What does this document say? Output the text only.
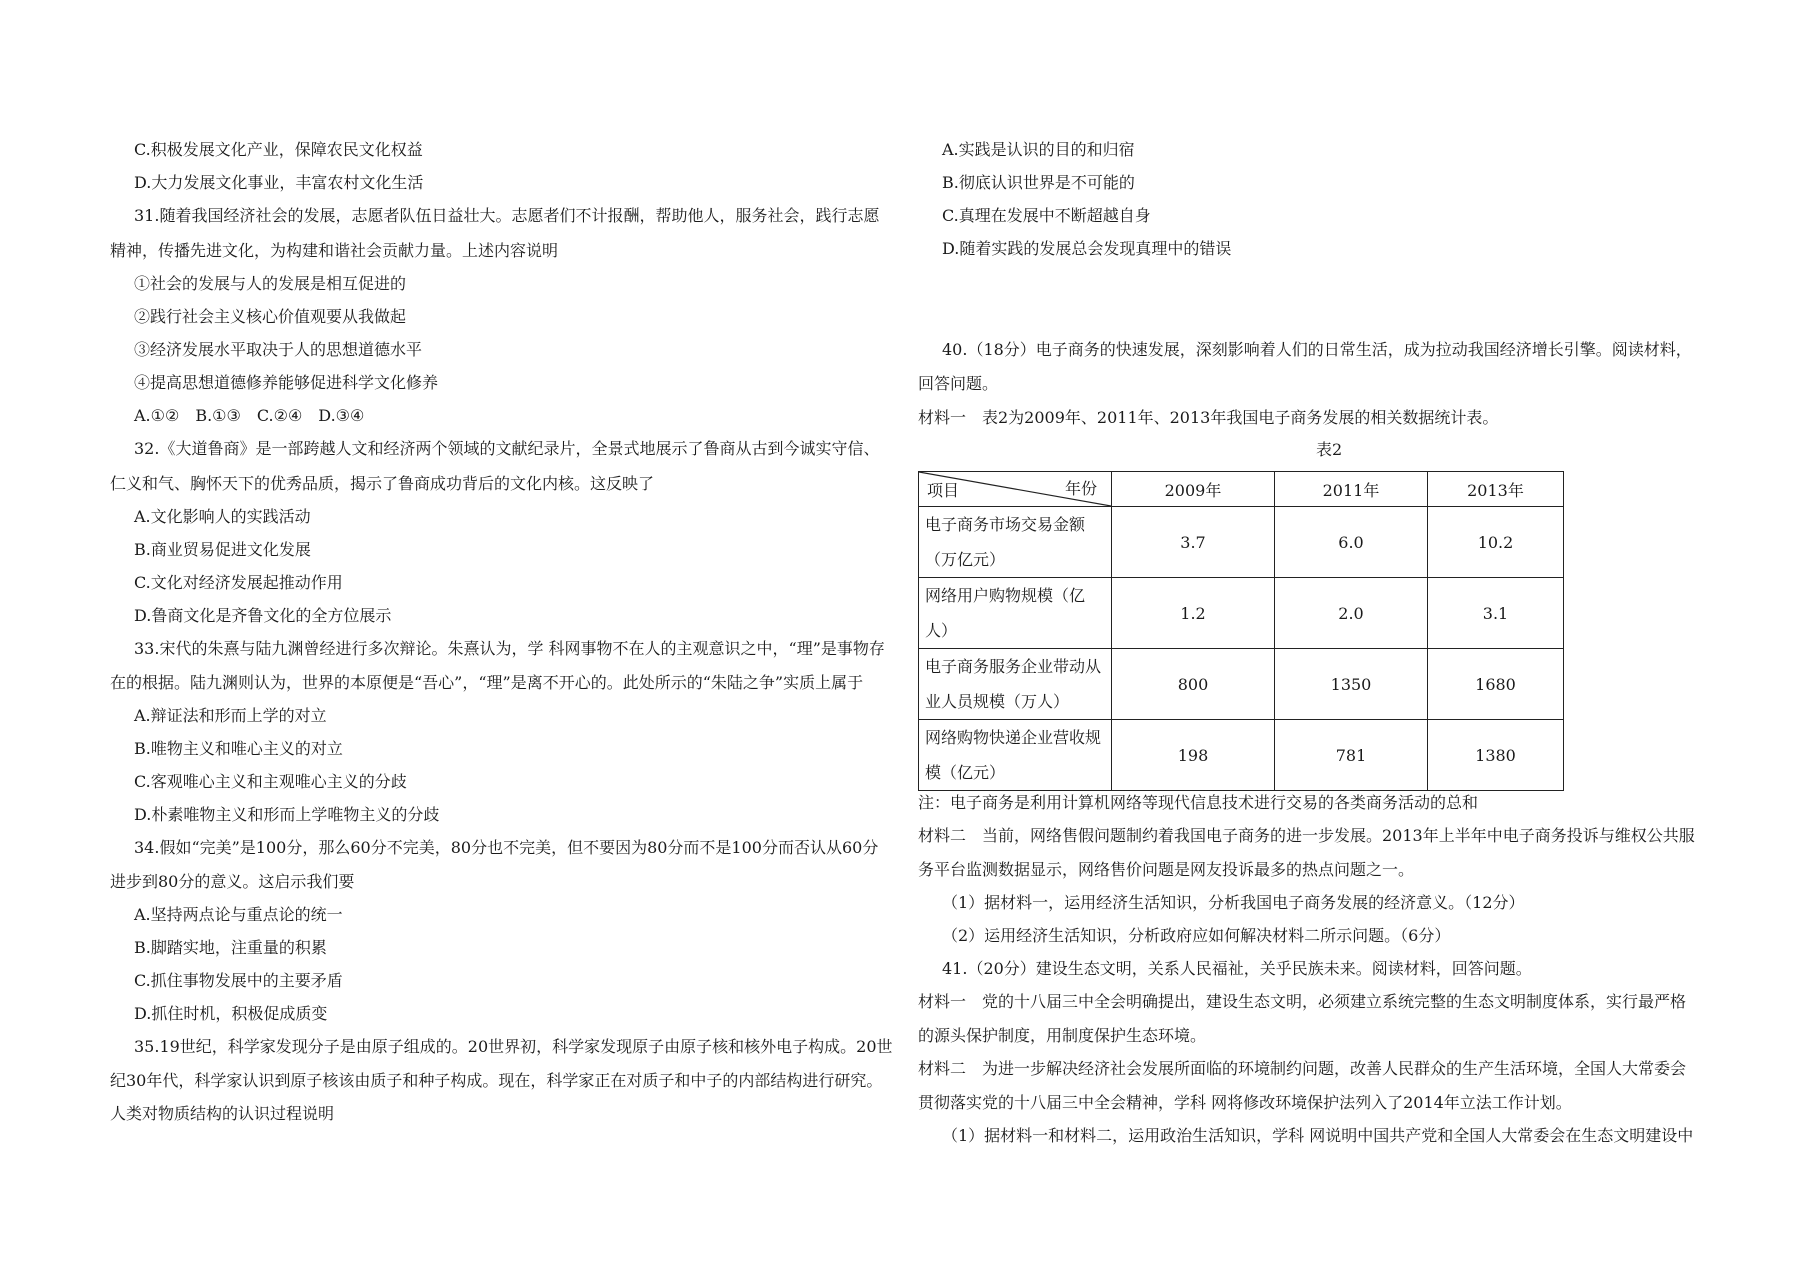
C.积极发展文化产业，保障农民文化权益
D.大力发展文化事业，丰富农村文化生活
31.随着我国经济社会的发展，志愿者队伍日益壮大。志愿者们不计报酬，帮助他人，服务社会，践行志愿
精神，传播先进文化，为构建和谐社会贡献力量。上述内容说明
①社会的发展与人的发展是相互促进的
②践行社会主义核心价值观要从我做起
③经济发展水平取决于人的思想道德水平
④提高思想道德修养能够促进科学文化修养
A.①②　B.①③　C.②④　D.③④
32.《大道鲁商》是一部跨越人文和经济两个领域的文献纪录片，全景式地展示了鲁商从古到今诚实守信、
仁义和气、胸怀天下的优秀品质，揭示了鲁商成功背后的文化内核。这反映了
A.文化影响人的实践活动
B.商业贸易促进文化发展
C.文化对经济发展起推动作用
D.鲁商文化是齐鲁文化的全方位展示
33.宋代的朱熹与陆九渊曾经进行多次辩论。朱熹认为，学 科网事物不在人的主观意识之中，“理”是事物存
在的根据。陆九渊则认为，世界的本原便是“吾心”，“理”是离不开心的。此处所示的“朱陆之争”实质上属于
A.辩证法和形而上学的对立
B.唯物主义和唯心主义的对立
C.客观唯心主义和主观唯心主义的分歧
D.朴素唯物主义和形而上学唯物主义的分歧
34.假如“完美”是100分，那么60分不完美，80分也不完美，但不要因为80分而不是100分而否认从60分
进步到80分的意义。这启示我们要
A.坚持两点论与重点论的统一
B.脚踏实地，注重量的积累
C.抓住事物发展中的主要矛盾
D.抓住时机，积极促成质变
35.19世纪，科学家发现分子是由原子组成的。20世界初，科学家发现原子由原子核和核外电子构成。20世
纪30年代，科学家认识到原子核该由质子和种子构成。现在，科学家正在对质子和中子的内部结构进行研究。
人类对物质结构的认识过程说明
A.实践是认识的目的和归宿
B.彻底认识世界是不可能的
C.真理在发展中不断超越自身
D.随着实践的发展总会发现真理中的错误
40.（18分）电子商务的快速发展，深刻影响着人们的日常生活，成为拉动我国经济增长引擎。阅读材料，
回答问题。
材料一　表2为2009年、2011年、2013年我国电子商务发展的相关数据统计表。
表2
项目 年份	2009年	2011年	2013年
电子商务市场交易金额（万亿元）	3.7	6.0	10.2
网络用户购物规模（亿人）	1.2	2.0	3.1
电子商务服务企业带动从业人员规模（万人）	800	1350	1680
网络购物快递企业营收规模（亿元）	198	781	1380
注：电子商务是利用计算机网络等现代信息技术进行交易的各类商务活动的总和
材料二　当前，网络售假问题制约着我国电子商务的进一步发展。2013年上半年中电子商务投诉与维权公共服
务平台监测数据显示，网络售价问题是网友投诉最多的热点问题之一。
（1）据材料一，运用经济生活知识，分析我国电子商务发展的经济意义。（12分）
（2）运用经济生活知识，分析政府应如何解决材料二所示问题。（6分）
41.（20分）建设生态文明，关系人民福祉，关乎民族未来。阅读材料，回答问题。
材料一　党的十八届三中全会明确提出，建设生态文明，必须建立系统完整的生态文明制度体系，实行最严格
的源头保护制度，用制度保护生态环境。
材料二　为进一步解决经济社会发展所面临的环境制约问题，改善人民群众的生产生活环境，全国人大常委会
贯彻落实党的十八届三中全会精神，学科 网将修改环境保护法列入了2014年立法工作计划。
（1）据材料一和材料二，运用政治生活知识，学科 网说明中国共产党和全国人大常委会在生态文明建设中
